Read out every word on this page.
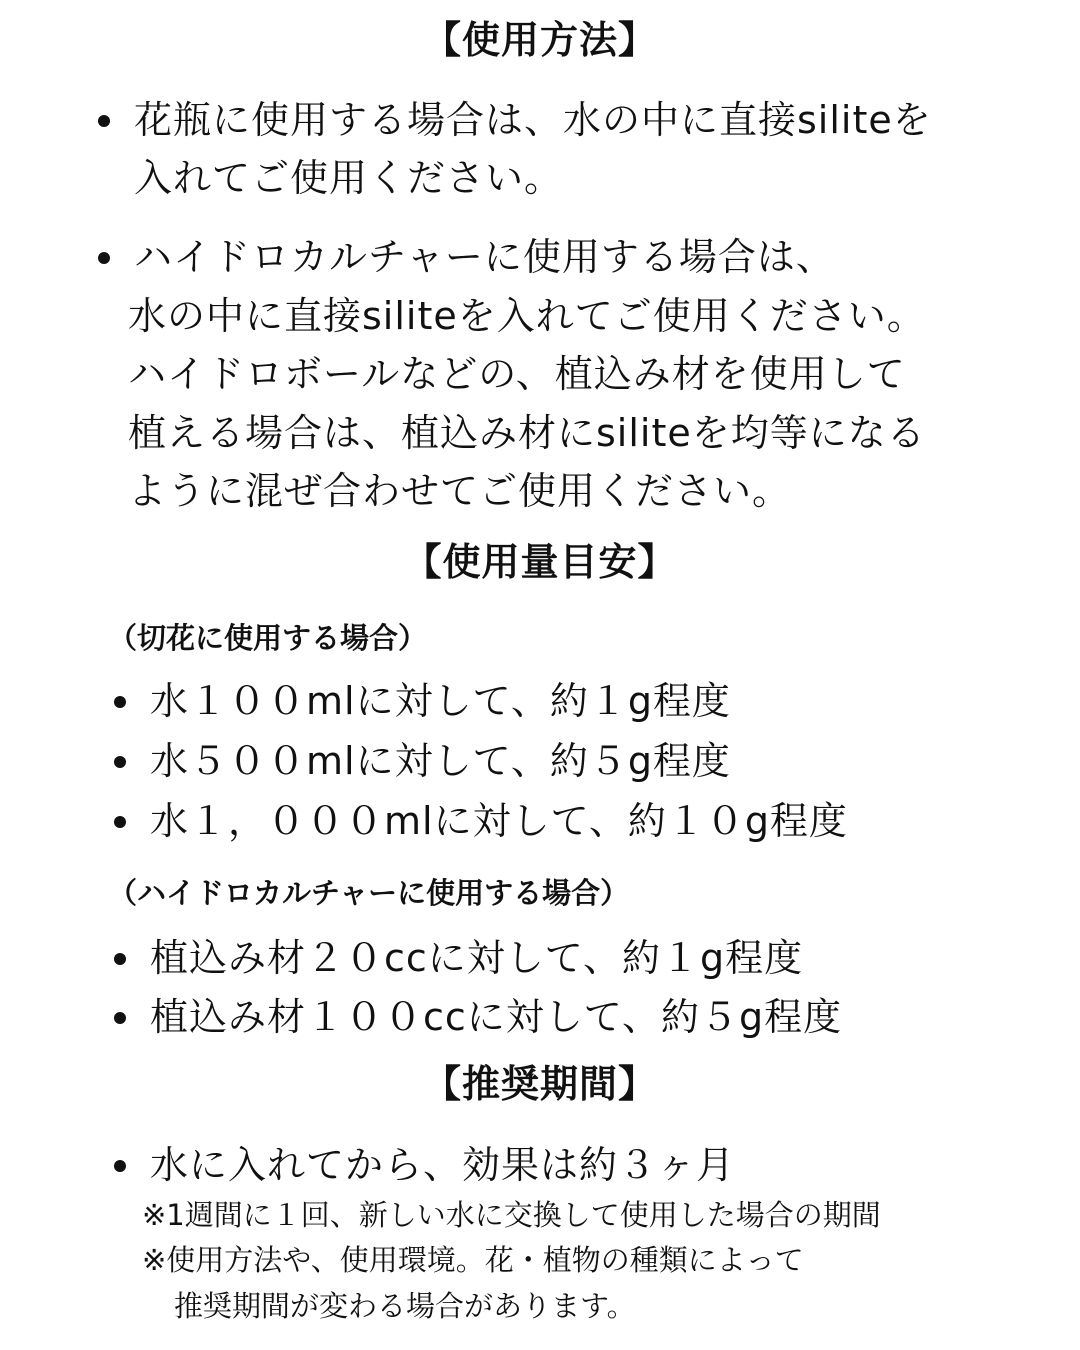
【使用方法】
花瓶に使用する場合は、水の中に直接siliteを
入れてご使用ください。
ハイドロカルチャーに使用する場合は、
水の中に直接siliteを入れてご使用ください。
ハイドロボールなどの、植込み材を使用して
植える場合は、植込み材にsiliteを均等になる
ように混ぜ合わせてご使用ください。
【使用量目安】
（切花に使用する場合）
水１００mlに対して、約１g程度
水５００mlに対して、約５g程度
水１，０００mlに対して、約１０g程度
（ハイドロカルチャーに使用する場合）
植込み材２０ccに対して、約１g程度
植込み材１００ccに対して、約５g程度
【推奨期間】
水に入れてから、効果は約３ヶ月
※1週間に１回、新しい水に交換して使用した場合の期間
※使用方法や、使用環境。花・植物の種類によって
推奨期間が変わる場合があります。
